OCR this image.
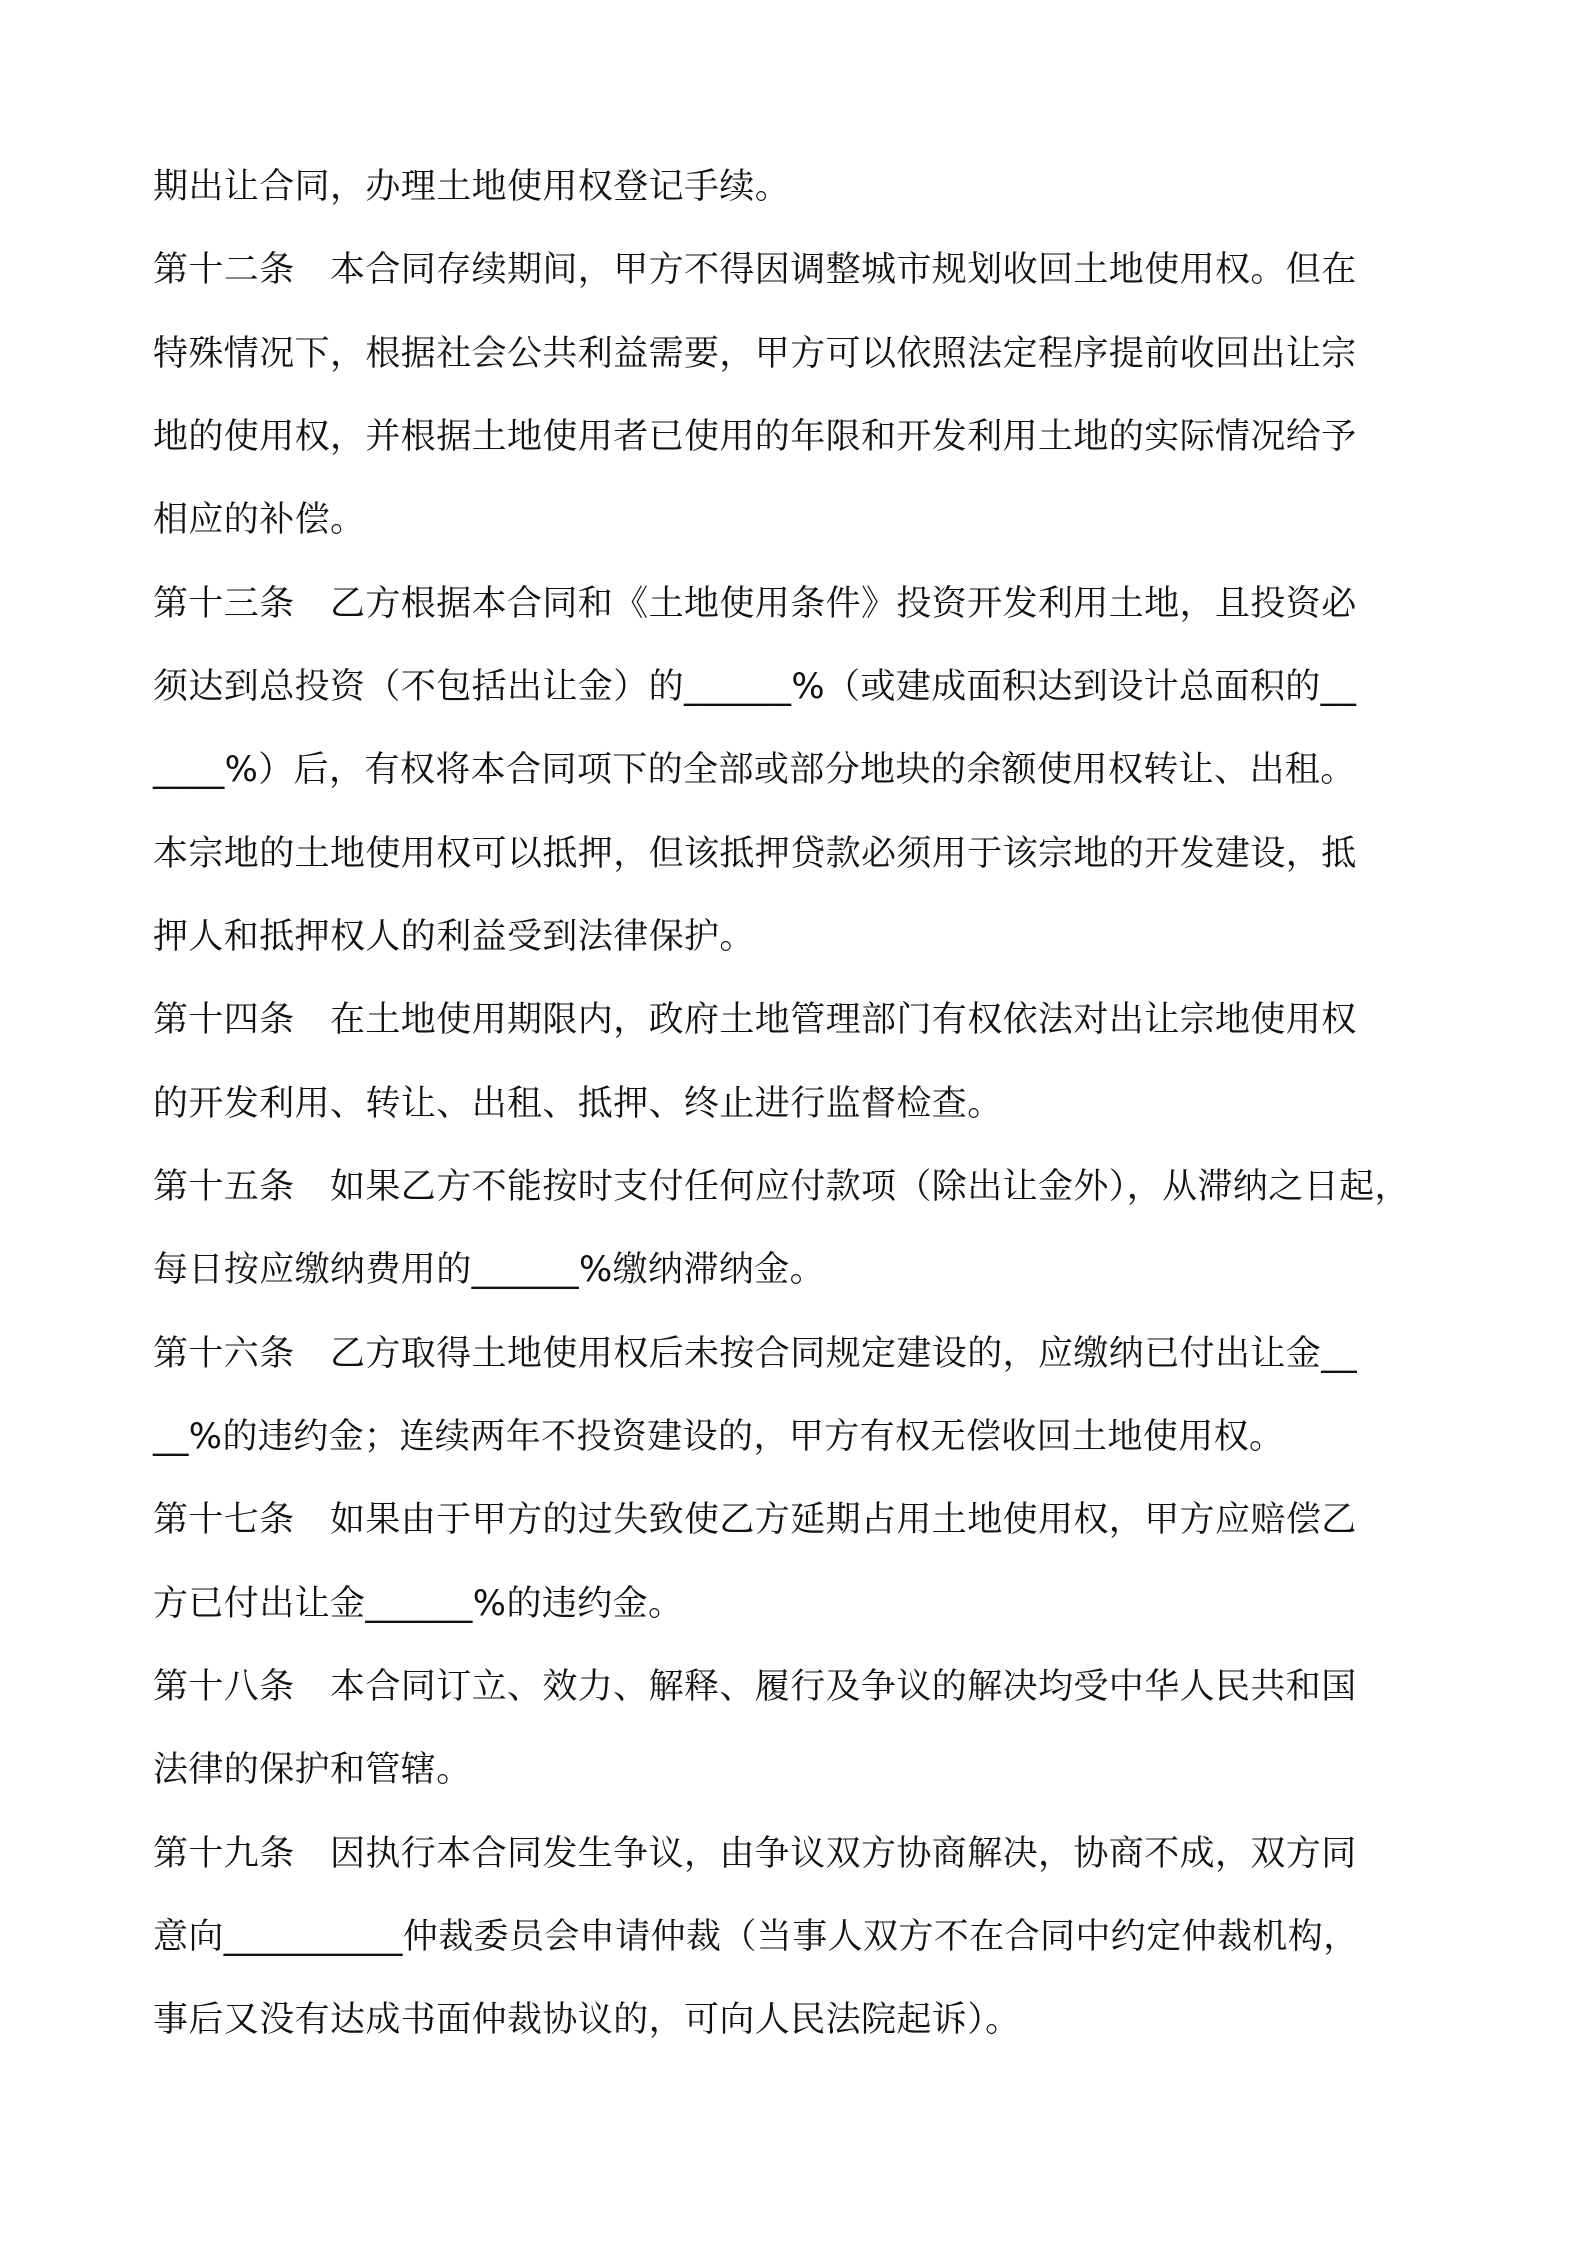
期出让合同，办理土地使用权登记手续。
第十二条　本合同存续期间，甲方不得因调整城市规划收回土地使用权。但在
特殊情况下，根据社会公共利益需要，甲方可以依照法定程序提前收回出让宗
地的使用权，并根据土地使用者已使用的年限和开发利用土地的实际情况给予
相应的补偿。
第十三条　乙方根据本合同和《土地使用条件》投资开发利用土地，且投资必
须达到总投资（不包括出让金）的______%（或建成面积达到设计总面积的__
____%）后，有权将本合同项下的全部或部分地块的余额使用权转让、出租。
本宗地的土地使用权可以抵押，但该抵押贷款必须用于该宗地的开发建设，抵
押人和抵押权人的利益受到法律保护。
第十四条　在土地使用期限内，政府土地管理部门有权依法对出让宗地使用权
的开发利用、转让、出租、抵押、终止进行监督检查。
第十五条　如果乙方不能按时支付任何应付款项（除出让金外），从滞纳之日起，
每日按应缴纳费用的______%缴纳滞纳金。
第十六条　乙方取得土地使用权后未按合同规定建设的，应缴纳已付出让金__
__%的违约金；连续两年不投资建设的，甲方有权无偿收回土地使用权。
第十七条　如果由于甲方的过失致使乙方延期占用土地使用权，甲方应赔偿乙
方已付出让金______%的违约金。
第十八条　本合同订立、效力、解释、履行及争议的解决均受中华人民共和国
法律的保护和管辖。
第十九条　因执行本合同发生争议，由争议双方协商解决，协商不成，双方同
意向__________仲裁委员会申请仲裁（当事人双方不在合同中约定仲裁机构，
事后又没有达成书面仲裁协议的，可向人民法院起诉）。
